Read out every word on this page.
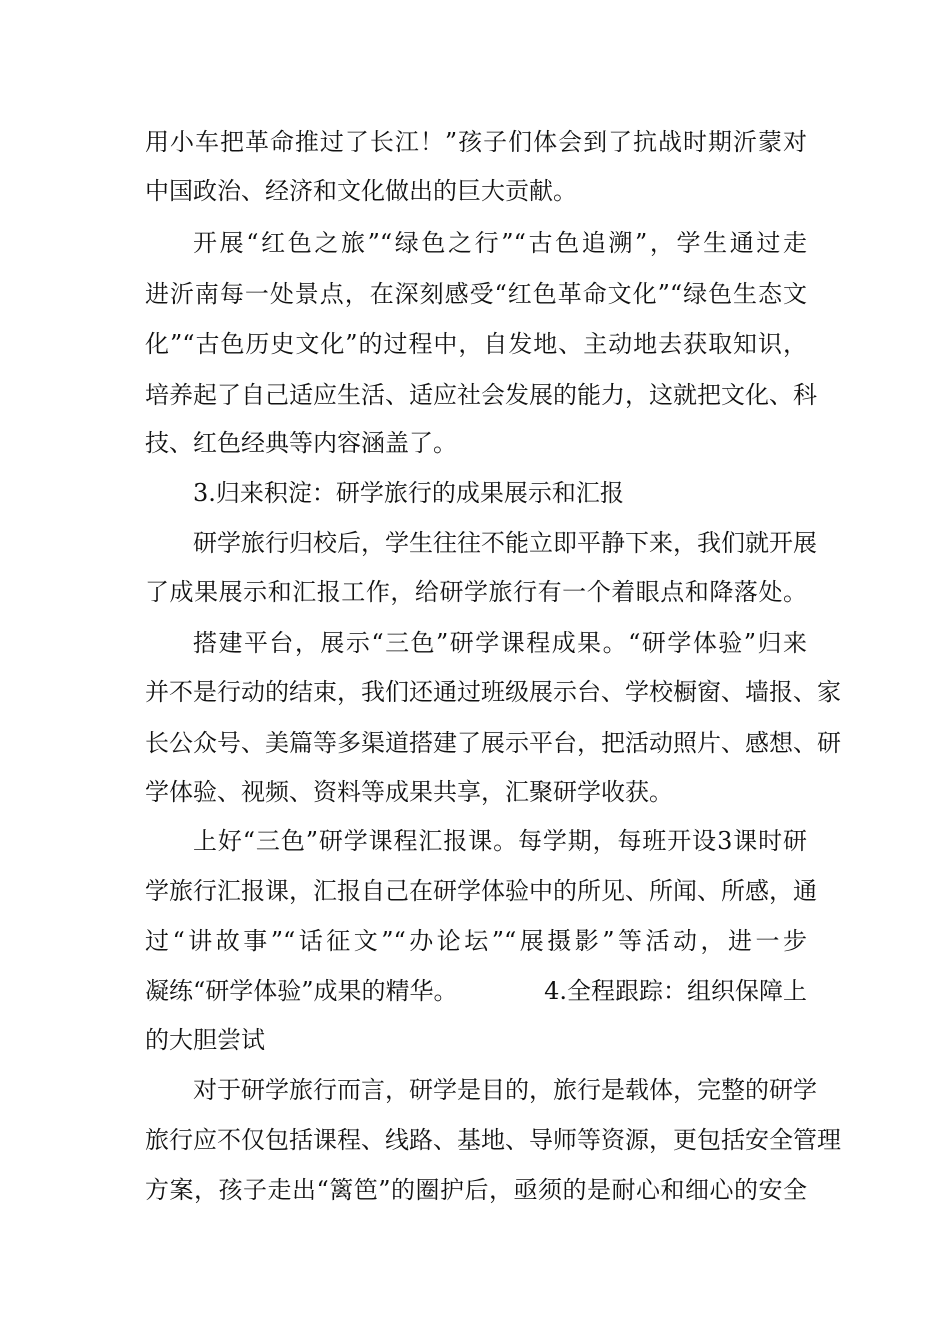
用小车把革命推过了长江！”孩子们体会到了抗战时期沂蒙对
中国政治、经济和文化做出的巨大贡献。
开展“红色之旅”“绿色之行”“古色追溯”，学生通过走
进沂南每一处景点，在深刻感受“红色革命文化”“绿色生态文
化”“古色历史文化”的过程中，自发地、主动地去获取知识，
培养起了自己适应生活、适应社会发展的能力，这就把文化、科
技、红色经典等内容涵盖了。
3.归来积淀：研学旅行的成果展示和汇报
研学旅行归校后，学生往往不能立即平静下来，我们就开展
了成果展示和汇报工作，给研学旅行有一个着眼点和降落处。
搭建平台，展示“三色”研学课程成果。“研学体验”归来
并不是行动的结束，我们还通过班级展示台、学校橱窗、墙报、家
长公众号、美篇等多渠道搭建了展示平台，把活动照片、感想、研
学体验、视频、资料等成果共享，汇聚研学收获。
上好“三色”研学课程汇报课。每学期，每班开设3课时研
学旅行汇报课，汇报自己在研学体验中的所见、所闻、所感，通
过“讲故事”“话征文”“办论坛”“展摄影”等活动，进一步
凝练“研学体验”成果的精华。	4.全程跟踪：组织保障上
的大胆尝试
对于研学旅行而言，研学是目的，旅行是载体，完整的研学
旅行应不仅包括课程、线路、基地、导师等资源，更包括安全管理
方案，孩子走出“篱笆”的圈护后，亟须的是耐心和细心的安全
